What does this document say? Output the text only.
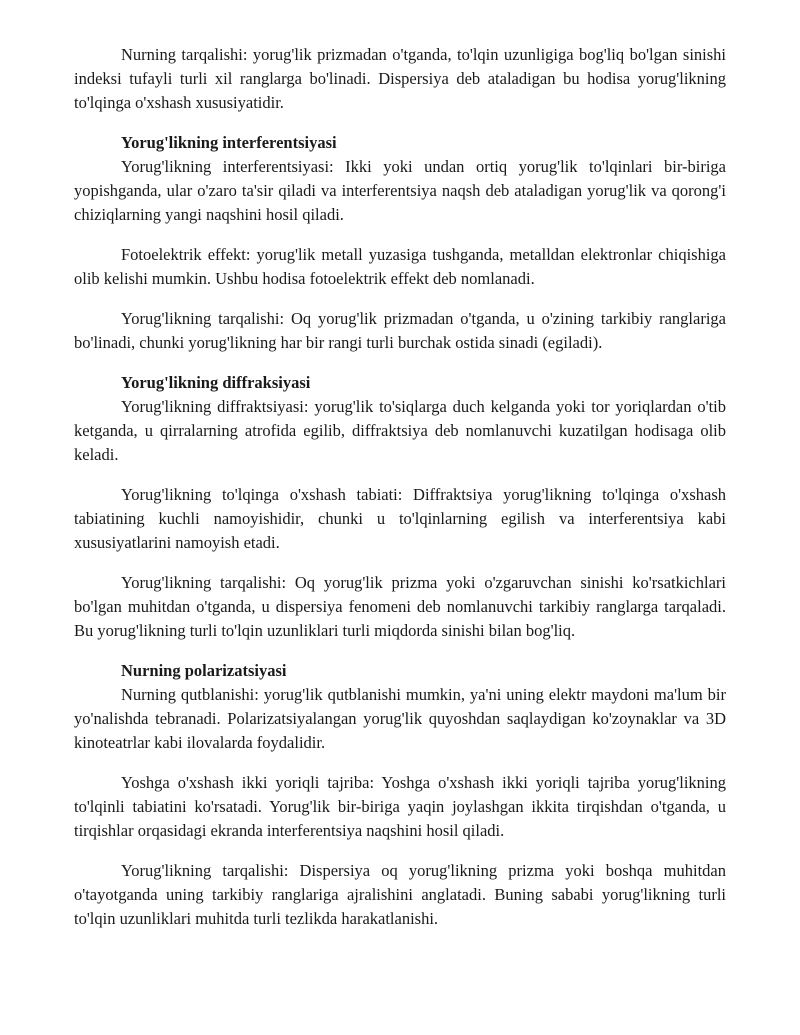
Nurning tarqalishi: yorug'lik prizmadan o'tganda, to'lqin uzunligiga bog'liq bo'lgan sinishi indeksi tufayli turli xil ranglarga bo'linadi. Dispersiya deb ataladigan bu hodisa yorug'likning to'lqinga o'xshash xususiyatidir.

Yorug'likning interferentsiyasi

Yorug'likning interferentsiyasi: Ikki yoki undan ortiq yorug'lik to'lqinlari bir-biriga yopishganda, ular o'zaro ta'sir qiladi va interferentsiya naqsh deb ataladigan yorug'lik va qorong'i chiziqlarning yangi naqshini hosil qiladi.

Fotoelektrik effekt: yorug'lik metall yuzasiga tushganda, metalldan elektronlar chiqishiga olib kelishi mumkin. Ushbu hodisa fotoelektrik effekt deb nomlanadi.

Yorug'likning tarqalishi: Oq yorug'lik prizmadan o'tganda, u o'zining tarkibiy ranglariga bo'linadi, chunki yorug'likning har bir rangi turli burchak ostida sinadi (egiladi).

Yorug'likning diffraksiyasi

Yorug'likning diffraktsiyasi: yorug'lik to'siqlarga duch kelganda yoki tor yoriqlardan o'tib ketganda, u qirralarning atrofida egilib, diffraktsiya deb nomlanuvchi kuzatilgan hodisaga olib keladi.

Yorug'likning to'lqinga o'xshash tabiati: Diffraktsiya yorug'likning to'lqinga o'xshash tabiatining kuchli namoyishidir, chunki u to'lqinlarning egilish va interferentsiya kabi xususiyatlarini namoyish etadi.

Yorug'likning tarqalishi: Oq yorug'lik prizma yoki o'zgaruvchan sinishi ko'rsatkichlari bo'lgan muhitdan o'tganda, u dispersiya fenomeni deb nomlanuvchi tarkibiy ranglarga tarqaladi. Bu yorug'likning turli to'lqin uzunliklari turli miqdorda sinishi bilan bog'liq.

Nurning polarizatsiyasi

Nurning qutblanishi: yorug'lik qutblanishi mumkin, ya'ni uning elektr maydoni ma'lum bir yo'nalishda tebranadi. Polarizatsiyalangan yorug'lik quyoshdan saqlaydigan ko'zoynaklar va 3D kinoteatrlar kabi ilovalarda foydalidir.

Yoshga o'xshash ikki yoriqli tajriba: Yoshga o'xshash ikki yoriqli tajriba yorug'likning to'lqinli tabiatini ko'rsatadi. Yorug'lik bir-biriga yaqin joylashgan ikkita tirqishdan o'tganda, u tirqishlar orqasidagi ekranda interferentsiya naqshini hosil qiladi.

Yorug'likning tarqalishi: Dispersiya oq yorug'likning prizma yoki boshqa muhitdan o'tayotganda uning tarkibiy ranglariga ajralishini anglatadi. Buning sababi yorug'likning turli to'lqin uzunliklari muhitda turli tezlikda harakatlanishi.
